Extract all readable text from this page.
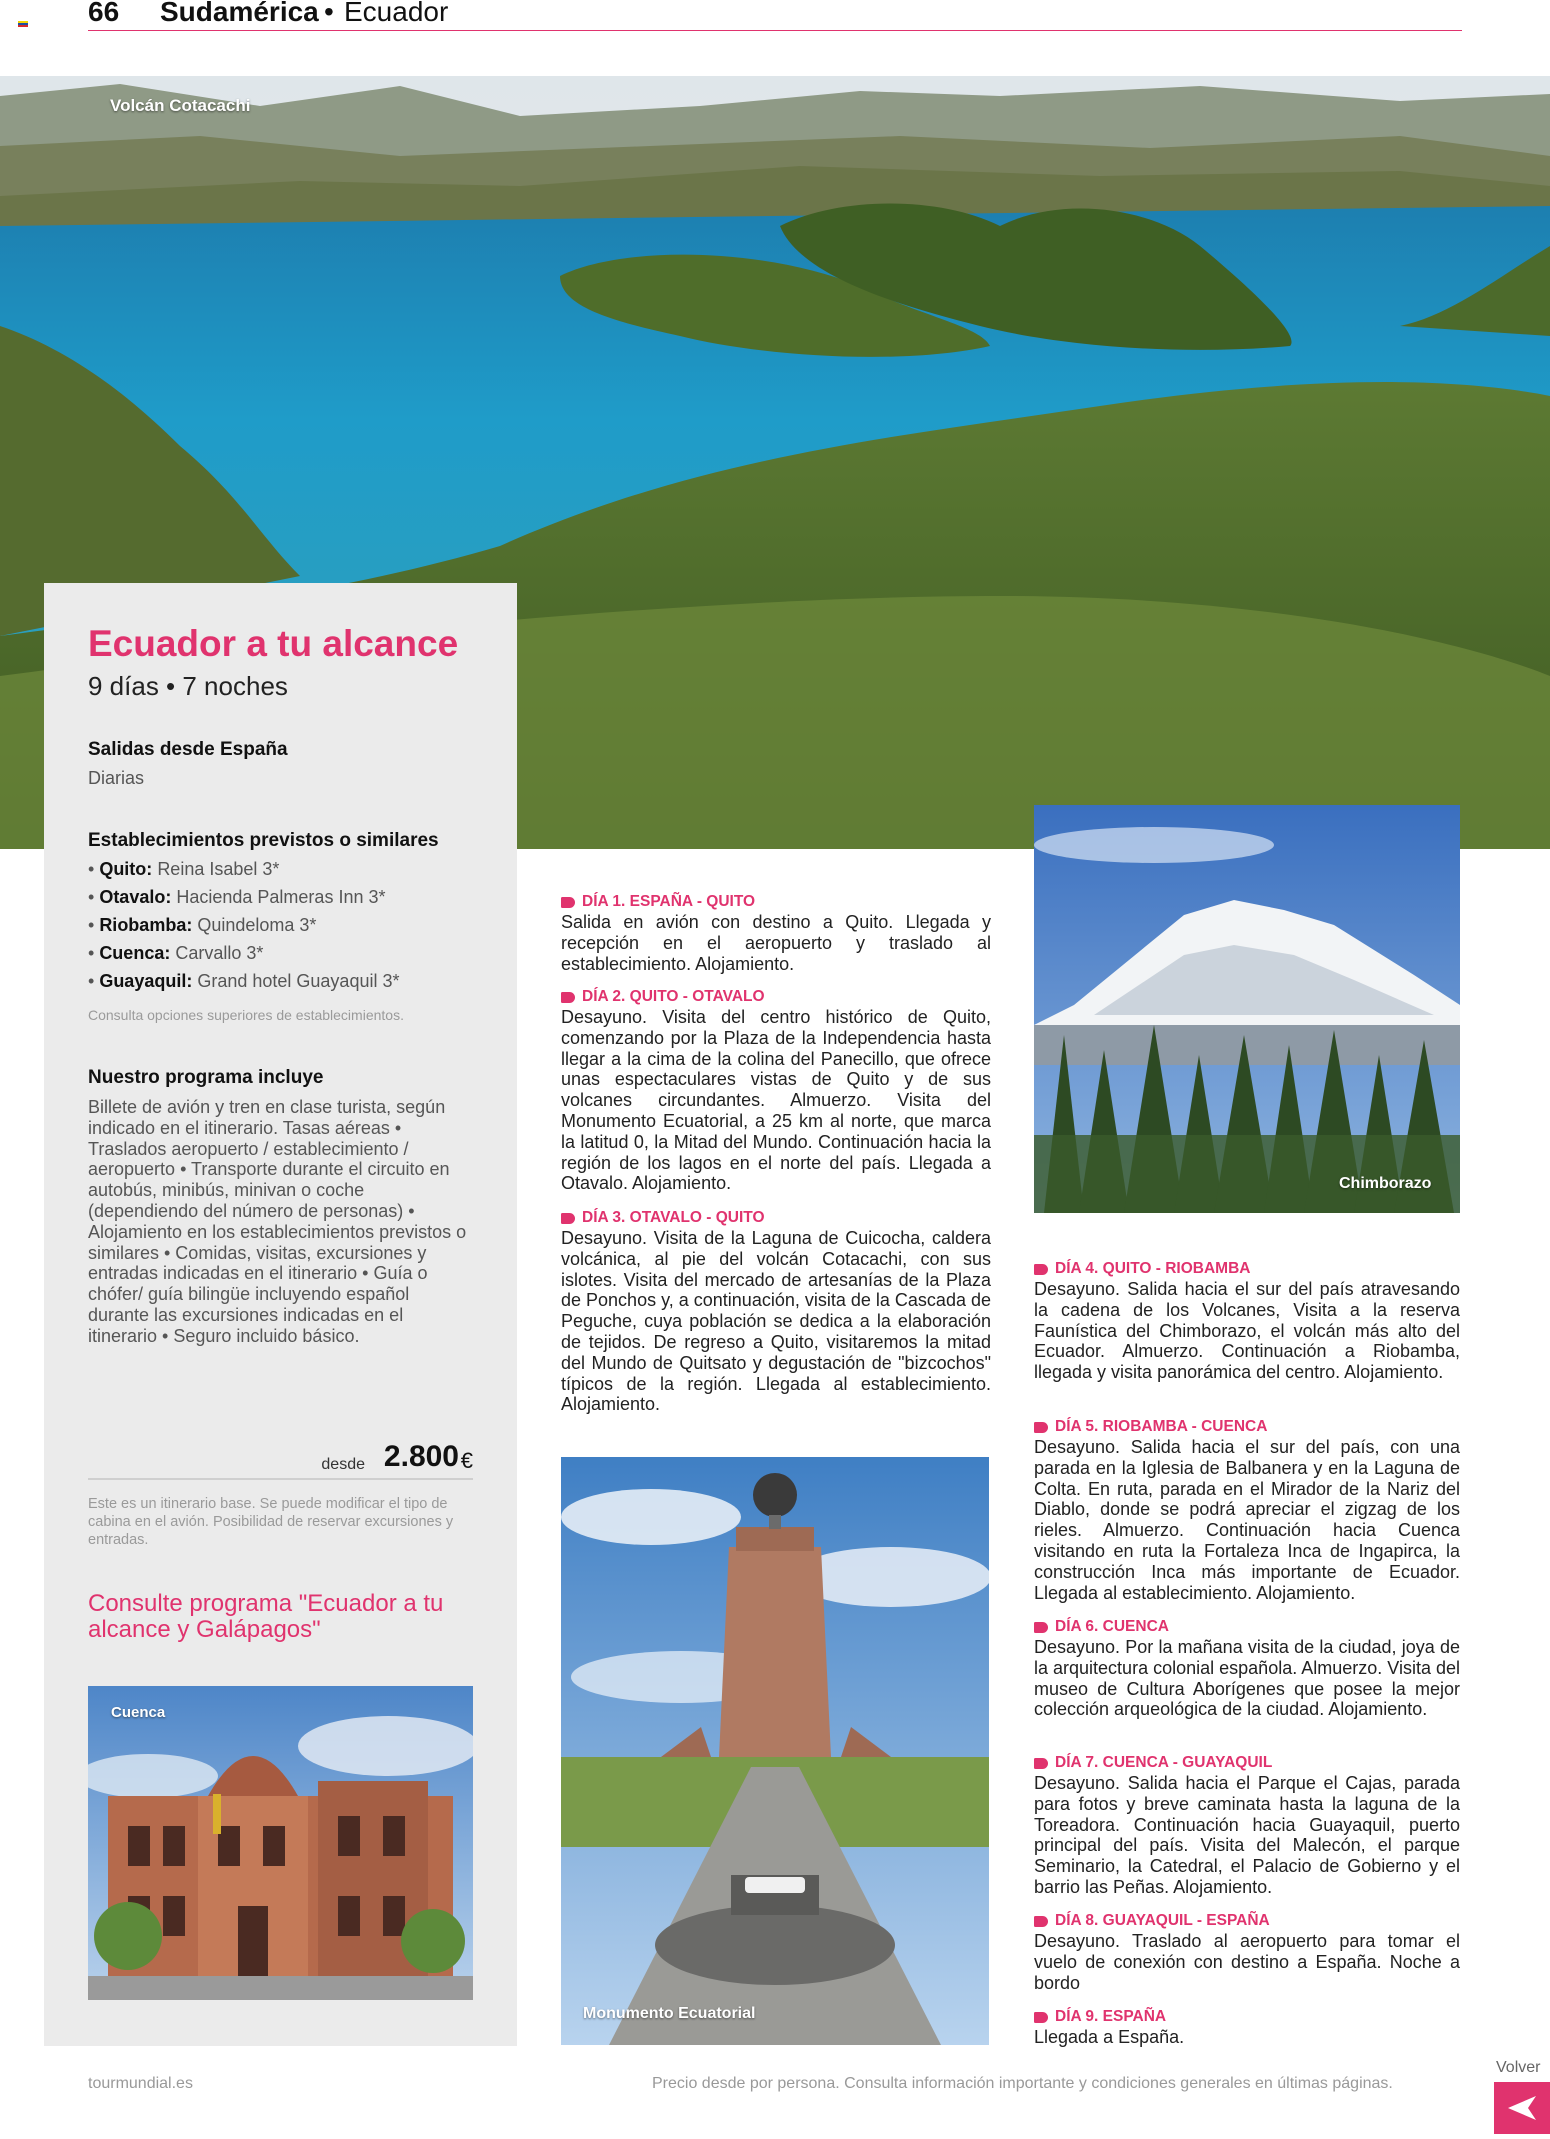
66 Sudamérica • Ecuador
Volcán Cotacachi
Ecuador a tu alcance
9 días • 7 noches
Salidas desde España
Diarias
Establecimientos previstos o similares
• Quito: Reina Isabel 3*
• Otavalo: Hacienda Palmeras Inn 3*
• Riobamba: Quindeloma 3*
• Cuenca: Carvallo 3*
• Guayaquil: Grand hotel Guayaquil 3*
Consulta opciones superiores de establecimientos.
Nuestro programa incluye
Billete de avión y tren en clase turista, según indicado en el itinerario. Tasas aéreas • Traslados aeropuerto / establecimiento / aeropuerto • Transporte durante el circuito en autobús, minibús, minivan o coche (dependiendo del número de personas) • Alojamiento en los establecimientos previstos o similares • Comidas, visitas, excursiones y entradas indicadas en el itinerario • Guía o chófer/ guía bilingüe incluyendo español durante las excursiones indicadas en el itinerario • Seguro incluido básico.
desde 2.800 €
Este es un itinerario base. Se puede modificar el tipo de cabina en el avión. Posibilidad de reservar excursiones y entradas.
Consulte programa "Ecuador a tu alcance y Galápagos"
Cuenca
DÍA 1. ESPAÑA - QUITO
Salida en avión con destino a Quito. Llegada y recepción en el aeropuerto y traslado al establecimiento. Alojamiento.
DÍA 2. QUITO - OTAVALO
Desayuno. Visita del centro histórico de Quito, comenzando por la Plaza de la Independencia hasta llegar a la cima de la colina del Panecillo, que ofrece unas espectaculares vistas de Quito y de sus volcanes circundantes. Almuerzo. Visita del Monumento Ecuatorial, a 25 km al norte, que marca la latitud 0, la Mitad del Mundo. Continuación hacia la región de los lagos en el norte del país. Llegada a Otavalo. Alojamiento.
DÍA 3. OTAVALO - QUITO
Desayuno. Visita de la Laguna de Cuicocha, caldera volcánica, al pie del volcán Cotacachi, con sus islotes. Visita del mercado de artesanías de la Plaza de Ponchos y, a continuación, visita de la Cascada de Peguche, cuya población se dedica a la elaboración de tejidos. De regreso a Quito, visitaremos la mitad del Mundo de Quitsato y degustación de "bizcochos" típicos de la región. Llegada al establecimiento. Alojamiento.
Monumento Ecuatorial
Chimborazo
DÍA 4. QUITO - RIOBAMBA
Desayuno. Salida hacia el sur del país atravesando la cadena de los Volcanes, Visita a la reserva Faunística del Chimborazo, el volcán más alto del Ecuador. Almuerzo. Continuación a Riobamba, llegada y visita panorámica del centro. Alojamiento.
DÍA 5. RIOBAMBA - CUENCA
Desayuno. Salida hacia el sur del país, con una parada en la Iglesia de Balbanera y en la Laguna de Colta. En ruta, parada en el Mirador de la Nariz del Diablo, donde se podrá apreciar el zigzag de los rieles. Almuerzo. Continuación hacia Cuenca visitando en ruta la Fortaleza Inca de Ingapirca, la construcción Inca más importante de Ecuador. Llegada al establecimiento. Alojamiento.
DÍA 6. CUENCA
Desayuno. Por la mañana visita de la ciudad, joya de la arquitectura colonial española. Almuerzo. Visita del museo de Cultura Aborígenes que posee la mejor colección arqueológica de la ciudad. Alojamiento.
DÍA 7. CUENCA - GUAYAQUIL
Desayuno. Salida hacia el Parque el Cajas, parada para fotos y breve caminata hasta la laguna de la Toreadora. Continuación hacia Guayaquil, puerto principal del país. Visita del Malecón, el parque Seminario, la Catedral, el Palacio de Gobierno y el barrio las Peñas. Alojamiento.
DÍA 8. GUAYAQUIL - ESPAÑA
Desayuno. Traslado al aeropuerto para tomar el vuelo de conexión con destino a España. Noche a bordo
DÍA 9. ESPAÑA
Llegada a España.
tourmundial.es	Precio desde por persona. Consulta información importante y condiciones generales en últimas páginas.
Volver
